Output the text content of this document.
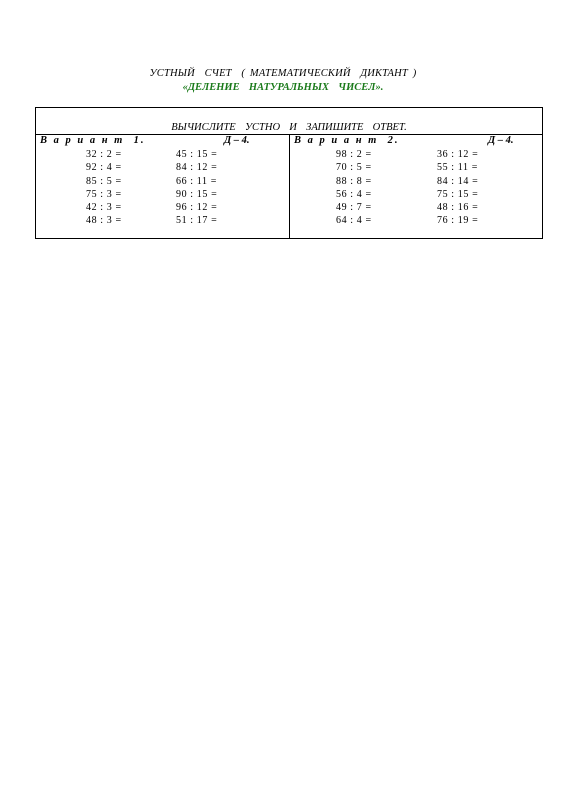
УСТНЫЙ  СЧЕТ  ( МАТЕМАТИЧЕСКИЙ  ДИКТАНТ )
«ДЕЛЕНИЕ  НАТУРАЛЬНЫХ  ЧИСЕЛ».
ВЫЧИСЛИТЕ  УСТНО  И  ЗАПИШИТЕ  ОТВЕТ.
В а р и а н т  1.	Д – 4.
32 : 2 =
92 : 4 =
85 : 5 =
75 : 3 =
42 : 3 =
48 : 3 =
45 : 15 =
84 : 12 =
66 : 11 =
90 : 15 =
96 : 12 =
51 : 17 =
В а р и а н т  2.	Д – 4.
98 : 2 =
70 : 5 =
88 : 8 =
56 : 4 =
49 : 7 =
64 : 4 =
36 : 12 =
55 : 11 =
84 : 14 =
75 : 15 =
48 : 16 =
76 : 19 =
